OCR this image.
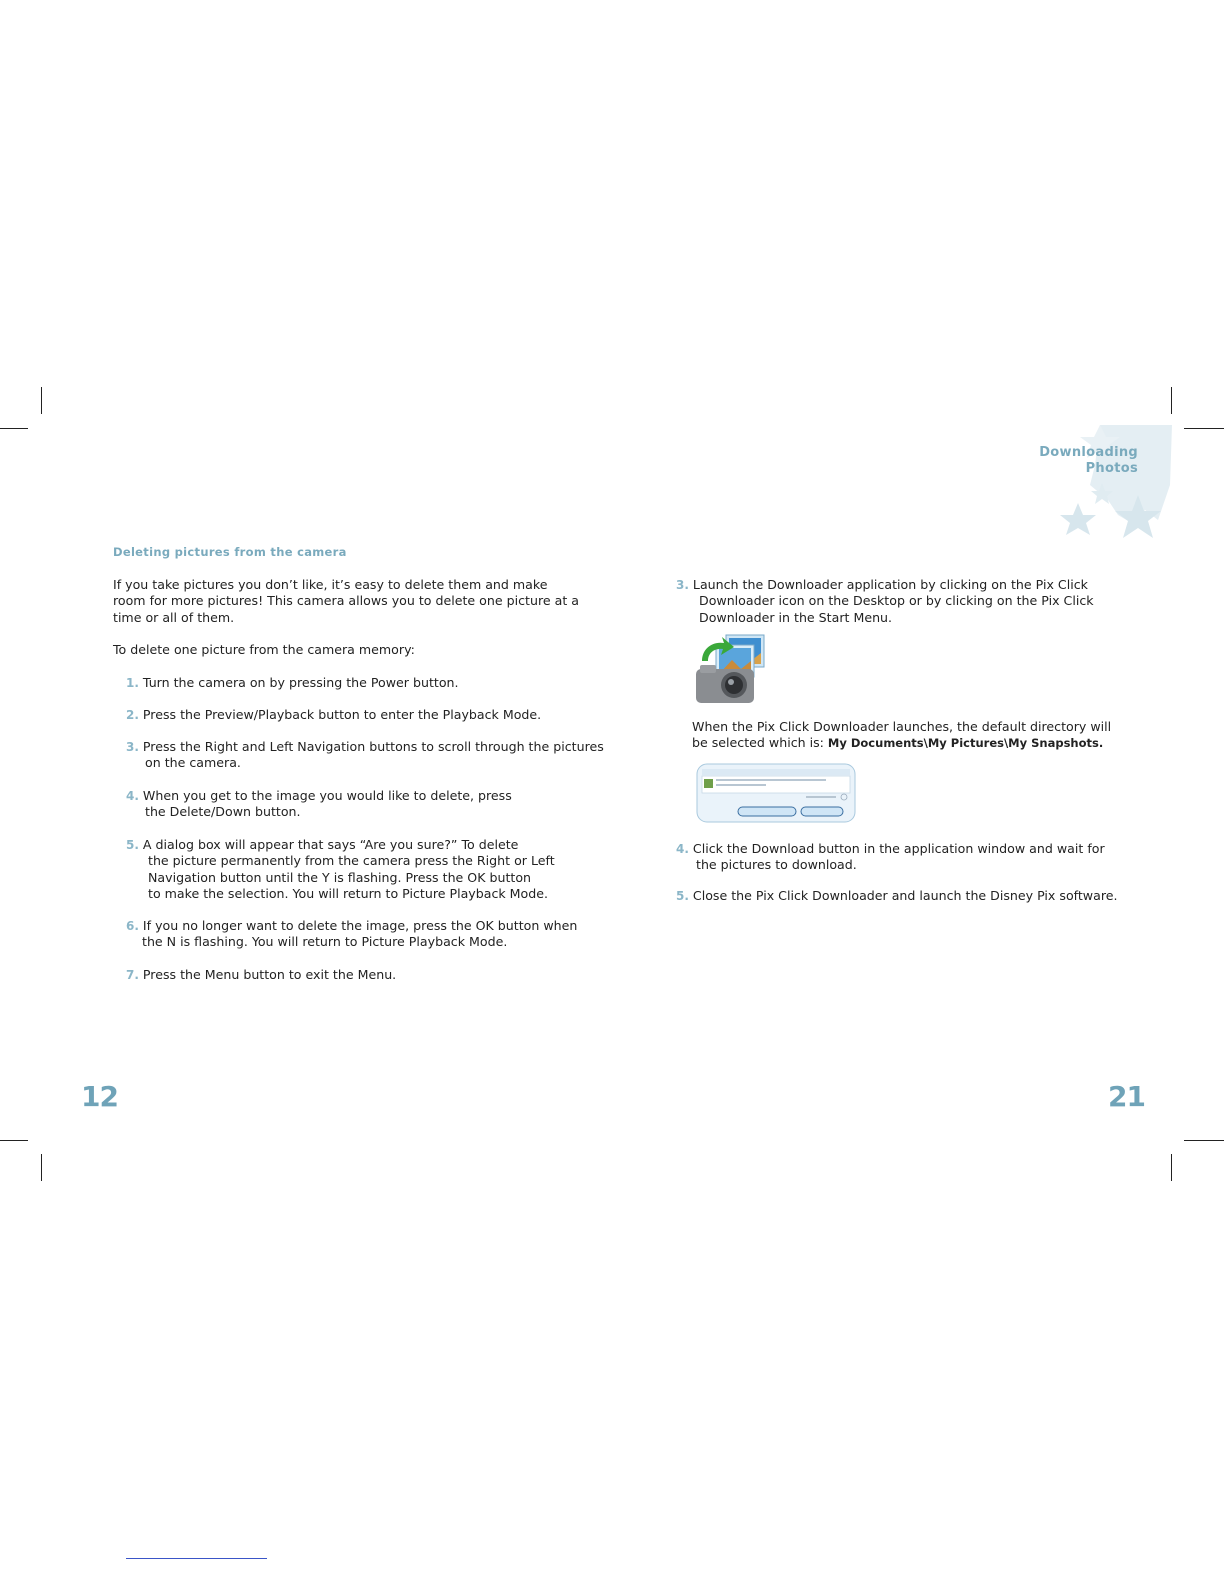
Downloading
Photos
Deleting pictures from the camera

If you take pictures you don’t like, it’s easy to delete them and make room for more pictures! This camera allows you to delete one picture at a time or all of them.

To delete one picture from the camera memory:

1. Turn the camera on by pressing the Power button.
2. Press the Preview/Playback button to enter the Playback Mode.
3. Press the Right and Left Navigation buttons to scroll through the pictures
on the camera.
4. When you get to the image you would like to delete, press
the Delete/Down button.
5. A dialog box will appear that says “Are you sure?” To delete
the picture permanently from the camera press the Right or Left
Navigation button until the Y is flashing. Press the OK button
to make the selection. You will return to Picture Playback Mode.
6. If you no longer want to delete the image, press the OK button when
the N is flashing. You will return to Picture Playback Mode.
7. Press the Menu button to exit the Menu.
12
3. Launch the Downloader application by clicking on the Pix Click
Downloader icon on the Desktop or by clicking on the Pix Click
Downloader in the Start Menu.

When the Pix Click Downloader launches, the default directory will be selected which is: My Documents\My Pictures\My Snapshots.

4. Click the Download button in the application window and wait for
the pictures to download.
5. Close the Pix Click Downloader and launch the Disney Pix software.
21
